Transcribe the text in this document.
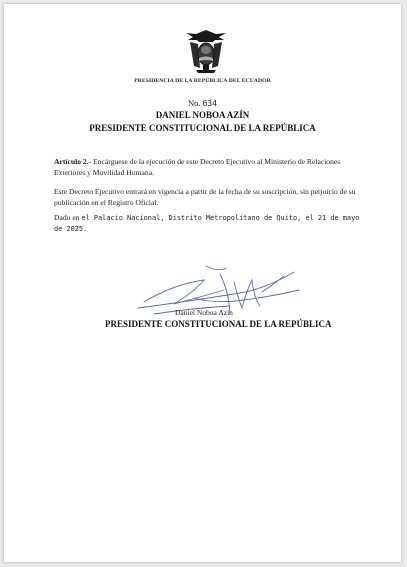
PRESIDENCIA DE LA REPÚBLICA DEL ECUADOR
No. 634
DANIEL NOBOA AZÍN
PRESIDENTE CONSTITUCIONAL DE LA REPÚBLICA
Artículo 2.- Encárguese de la ejecución de este Decreto Ejecutivo al Ministerio de Relaciones Exteriores y Movilidad Humana.
Este Decreto Ejecutivo entrará en vigencia a partir de la fecha de su suscripción, sin perjuicio de su publicación en el Registro Oficial.
Dado en el Palacio Nacional, Distrito Metropolitano de Quito, el 21 de mayo de 2025.
Daniel Noboa Azín
PRESIDENTE CONSTITUCIONAL DE LA REPÚBLICA
